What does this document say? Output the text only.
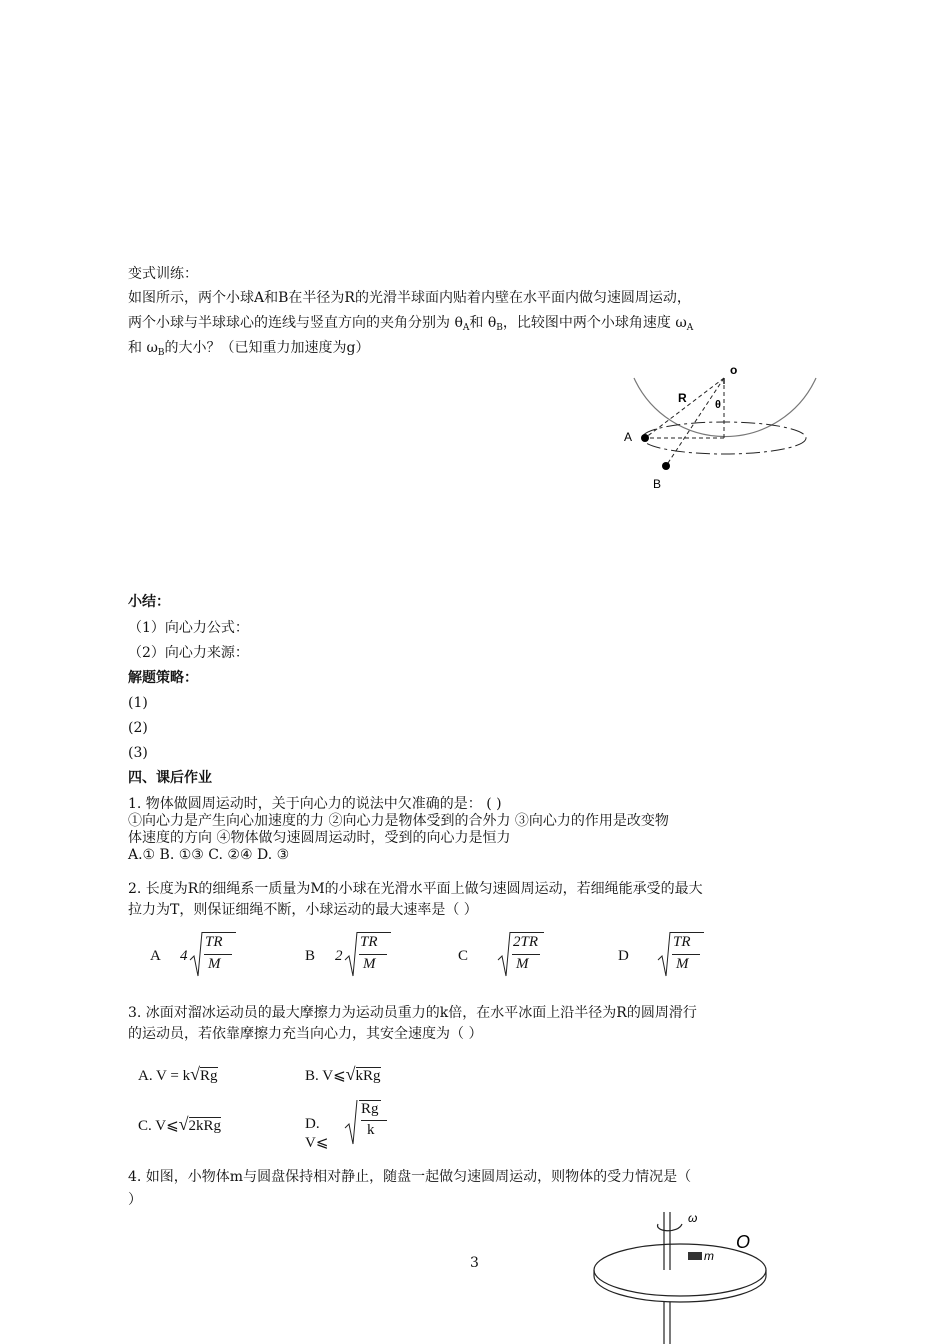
变式训练：
如图所示，两个小球A和B在半径为R的光滑半球面内贴着内壁在水平面内做匀速圆周运动，
两个小球与半球球心的连线与竖直方向的夹角分别为 $\theta_A$和 $\theta_B$，比较图中两个小球角速度 $\omega_A$
和 $\omega_B$的大小？（已知重力加速度为g）
o
R	θ
A
B
小结：
（1）向心力公式：
（2）向心力来源：
解题策略：
(1)
(2)
(3)
四、课后作业
1. 物体做圆周运动时，关于向心力的说法中欠准确的是： ( )
①向心力是产生向心加速度的力 ②向心力是物体受到的合外力 ③向心力的作用是改变物
体速度的方向 ④物体做匀速圆周运动时，受到的向心力是恒力
A.① B. ①③ C. ②④ D. ③
2. 长度为R的细绳系一质量为M的小球在光滑水平面上做匀速圆周运动，若细绳能承受的最大
拉力为T，则保证细绳不断，小球运动的最大速率是（ ）
A 4
TR
M	B 2
TR
M	C
2TR
M	D
TR
M
3. 冰面对溜冰运动员的最大摩擦力为运动员重力的k倍，在水平冰面上沿半径为R的圆周滑行
的运动员，若依靠摩擦力充当向心力，其安全速度为（ ）
A. V = k√Rg	B. V⩽√kRg
C. V⩽√2kRg	D. V⩽
Rg
k
4. 如图，小物体m与圆盘保持相对静止，随盘一起做匀速圆周运动，则物体的受力情况是（
）
ω
O
m
3
